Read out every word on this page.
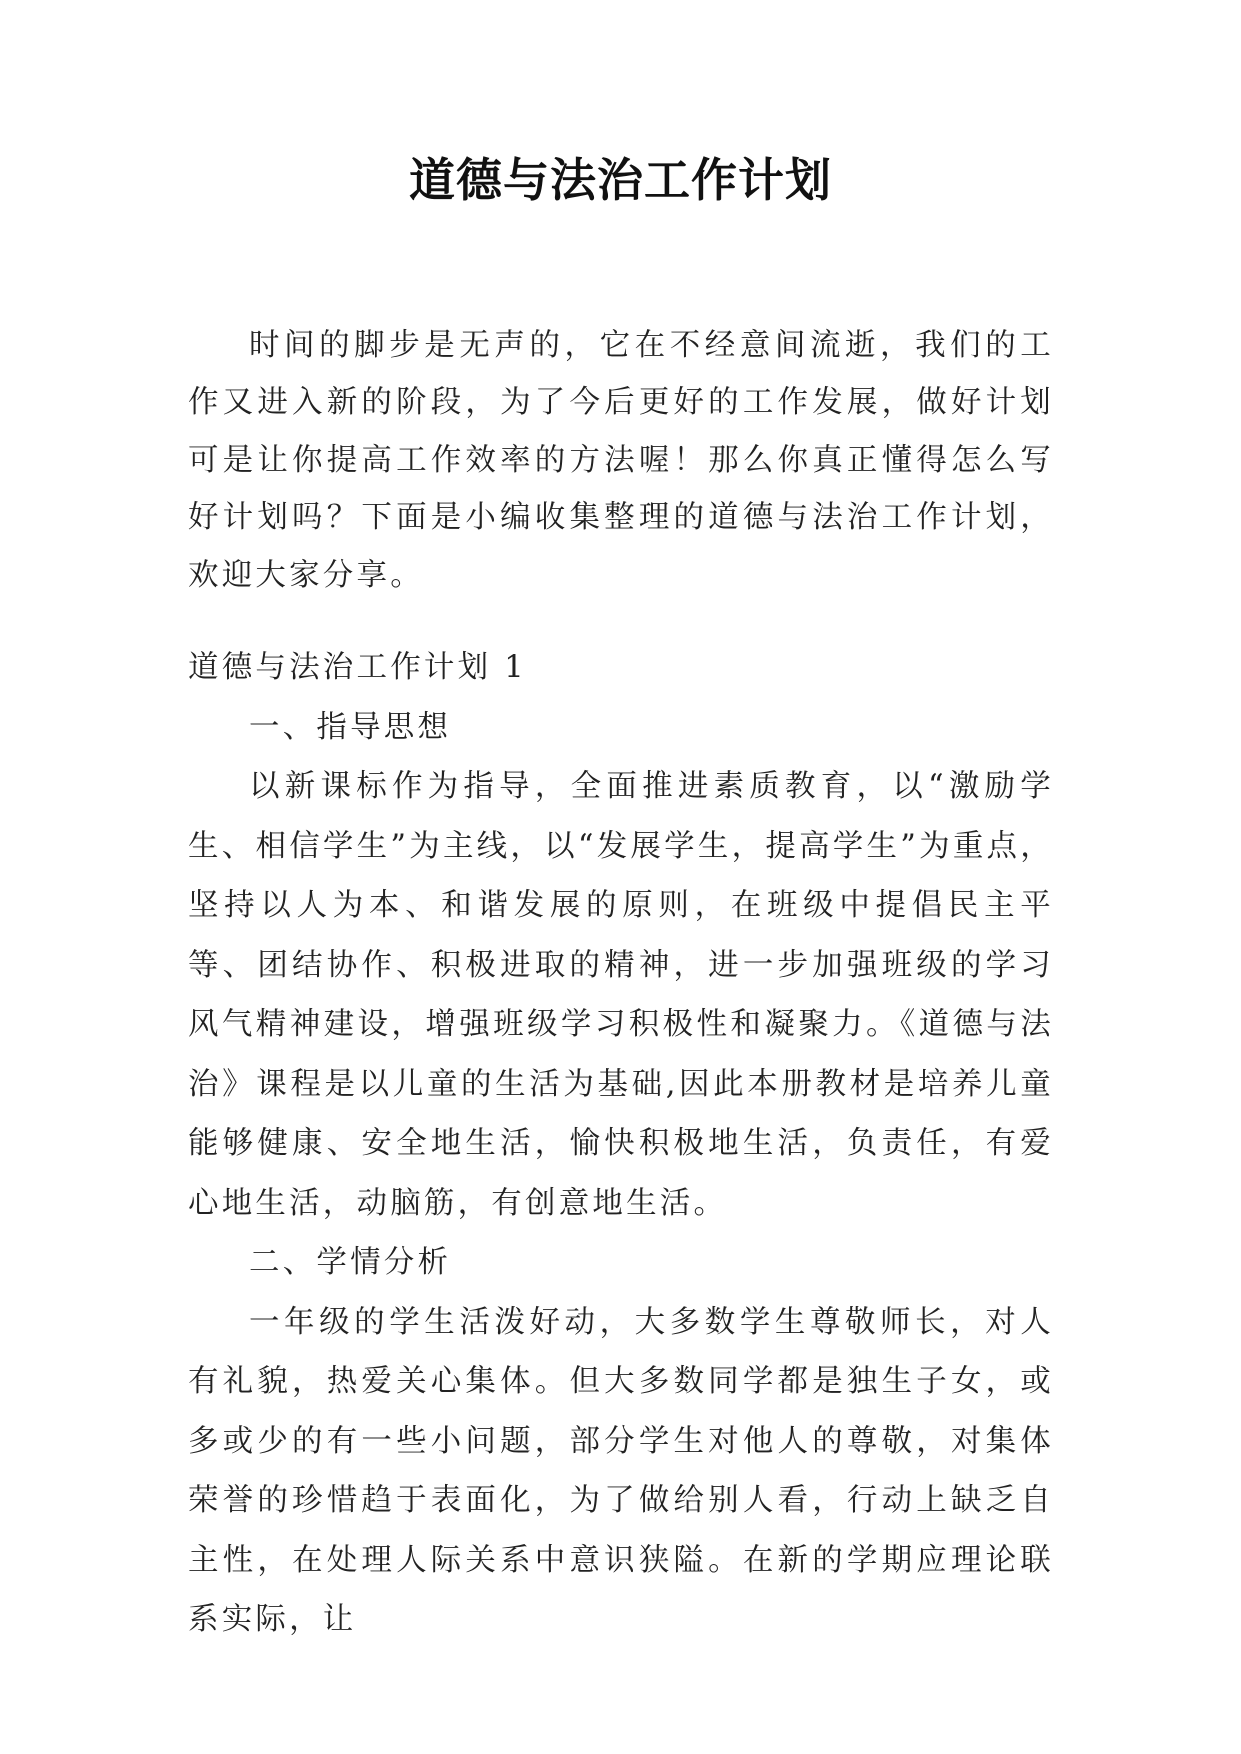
道德与法治工作计划

时间的脚步是无声的，它在不经意间流逝，我们的工作又进入新的阶段，为了今后更好的工作发展，做好计划可是让你提高工作效率的方法喔！那么你真正懂得怎么写好计划吗？下面是小编收集整理的道德与法治工作计划，欢迎大家分享。

道德与法治工作计划 1

一、指导思想

以新课标作为指导，全面推进素质教育，以“激励学生、相信学生”为主线，以“发展学生，提高学生”为重点，坚持以人为本、和谐发展的原则，在班级中提倡民主平等、团结协作、积极进取的精神，进一步加强班级的学习风气精神建设，增强班级学习积极性和凝聚力。《道德与法治》课程是以儿童的生活为基础,因此本册教材是培养儿童能够健康、安全地生活，愉快积极地生活，负责任，有爱心地生活，动脑筋，有创意地生活。

二、学情分析

一年级的学生活泼好动，大多数学生尊敬师长，对人有礼貌，热爱关心集体。但大多数同学都是独生子女，或多或少的有一些小问题，部分学生对他人的尊敬，对集体荣誉的珍惜趋于表面化，为了做给别人看，行动上缺乏自主性，在处理人际关系中意识狭隘。在新的学期应理论联系实际，让
